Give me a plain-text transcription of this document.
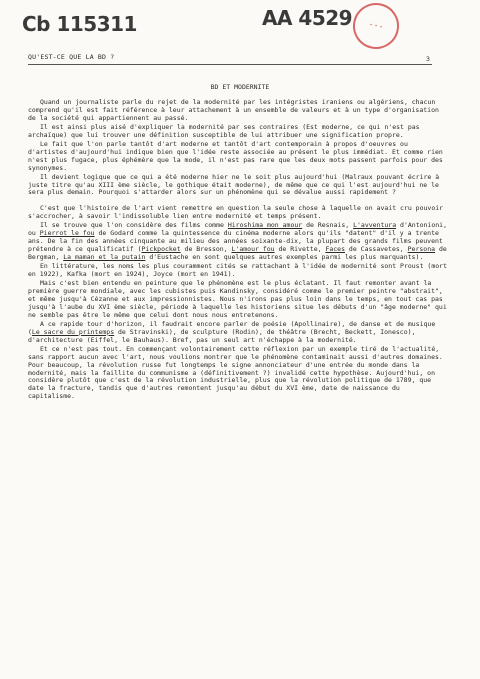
Cb 115311	AA 4529	· · ·
QU'EST-CE QUE LA BD ?	3
BD ET MODERNITE

Quand un journaliste parle du rejet de la modernité par les intégristes iraniens ou algériens, chacun comprend qu'il est fait référence à leur attachement à un ensemble de valeurs et à un type d'organisation de la société qui appartiennent au passé.

Il est ainsi plus aisé d'expliquer la modernité par ses contraires (Est moderne, ce qui n'est pas archaïque) que lui trouver une définition susceptible de lui attribuer une signification propre.

Le fait que l'on parle tantôt d'art moderne et tantôt d'art contemporain à propos d'oeuvres ou d'artistes d'aujourd'hui indique bien que l'idée reste associée au présent le plus immédiat. Et comme rien n'est plus fugace, plus éphémère que la mode, il n'est pas rare que les deux mots passent parfois pour des synonymes.

Il devient logique que ce qui a été moderne hier ne le soit plus aujourd'hui (Malraux pouvant écrire à juste titre qu'au XIII ème siècle, le gothique était moderne), de même que ce qui l'est aujourd'hui ne le sera plus demain. Pourquoi s'attarder alors sur un phénomène qui se dévalue aussi rapidement ?

C'est que l'histoire de l'art vient remettre en question la seule chose à laquelle on avait cru pouvoir s'accrocher, à savoir l'indissoluble lien entre modernité et temps présent.

Il se trouve que l'on considère des films comme Hiroshima mon amour de Resnais, L'avventura d'Antonioni, ou Pierrot le fou de Godard comme la quintessence du cinéma moderne alors qu'ils "datent" d'il y a trente ans. De la fin des années cinquante au milieu des années soixante-dix, la plupart des grands films peuvent prétendre à ce qualificatif (Pickpocket de Bresson, L'amour fou de Rivette, Faces de Cassavetes, Persona de Bergman, La maman et la putain d'Eustache en sont quelques autres exemples parmi les plus marquants).

En littérature, les noms les plus couramment cités se rattachant à l'idée de modernité sont Proust (mort en 1922), Kafka (mort en 1924), Joyce (mort en 1941).

Mais c'est bien entendu en peinture que le phénomène est le plus éclatant. Il faut remonter avant la première guerre mondiale, avec les cubistes puis Kandinsky, considéré comme le premier peintre "abstrait", et même jusqu'à Cézanne et aux impressionnistes. Nous n'irons pas plus loin dans le temps, en tout cas pas jusqu'à l'aube du XVI ème siècle, période à laquelle les historiens situe les débuts d'un "âge moderne" qui ne semble pas être le même que celui dont nous nous entretenons.

A ce rapide tour d'horizon, il faudrait encore parler de poésie (Apollinaire), de danse et de musique (Le sacre du printemps de Stravinski), de sculpture (Rodin), de théâtre (Brecht, Beckett, Ionesco), d'architecture (Eiffel, le Bauhaus). Bref, pas un seul art n'échappe à la modernité.

Et ce n'est pas tout. En commençant volontairement cette réflexion par un exemple tiré de l'actualité, sans rapport aucun avec l'art, nous voulions montrer que le phénomène contaminait aussi d'autres domaines. Pour beaucoup, la révolution russe fut longtemps le signe annonciateur d'une entrée du monde dans la modernité, mais la faillite du communisme a (définitivement ?) invalidé cette hypothèse. Aujourd'hui, on considère plutôt que c'est de la révolution industrielle, plus que la révolution politique de 1789, que date la fracture, tandis que d'autres remontent jusqu'au début du XVI ème, date de naissance du capitalisme.
